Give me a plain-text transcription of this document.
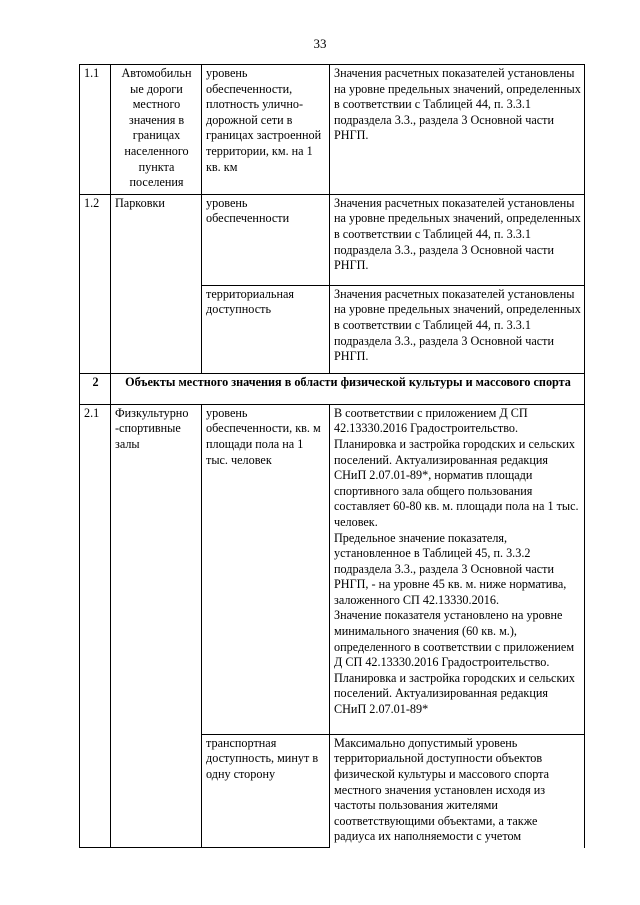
33
1.1	Автомобильн ые дороги местного значения в границах населенного пункта поселения	уровень обеспеченности, плотность улично-дорожной сети в границах застроенной территории, км. на 1 кв. км	Значения расчетных показателей установлены на уровне предельных значений, определенных в соответствии с Таблицей 44, п. 3.3.1 подраздела 3.3., раздела 3 Основной части РНГП.
1.2	Парковки	уровень обеспеченности	Значения расчетных показателей установлены на уровне предельных значений, определенных в соответствии с Таблицей 44, п. 3.3.1 подраздела 3.3., раздела 3 Основной части РНГП.
		территориальная доступность	Значения расчетных показателей установлены на уровне предельных значений, определенных в соответствии с Таблицей 44, п. 3.3.1 подраздела 3.3., раздела 3 Основной части РНГП.
2	Объекты местного значения в области физической культуры и массового спорта		
2.1	Физкультурно -спортивные залы	уровень обеспеченности, кв. м площади пола на 1 тыс. человек	В соответствии с приложением Д СП 42.13330.2016 Градостроительство. Планировка и застройка городских и сельских поселений. Актуализированная редакция СНиП 2.07.01-89*, норматив площади спортивного зала общего пользования составляет 60-80 кв. м. площади пола на 1 тыс. человек.
Предельное значение показателя, установленное в Таблицей 45, п. 3.3.2 подраздела 3.3., раздела 3 Основной части РНГП, - на уровне 45 кв. м. ниже норматива, заложенного СП 42.13330.2016.
Значение показателя установлено на уровне минимального значения (60 кв. м.), определенного в соответствии с приложением Д СП 42.13330.2016 Градостроительство. Планировка и застройка городских и сельских поселений. Актуализированная редакция СНиП 2.07.01-89*

		транспортная доступность, минут в одну сторону	Максимально допустимый уровень территориальной доступности объектов физической культуры и массового спорта местного значения установлен исходя из частоты пользования жителями соответствующими объектами, а также радиуса их наполняемости с учетом
